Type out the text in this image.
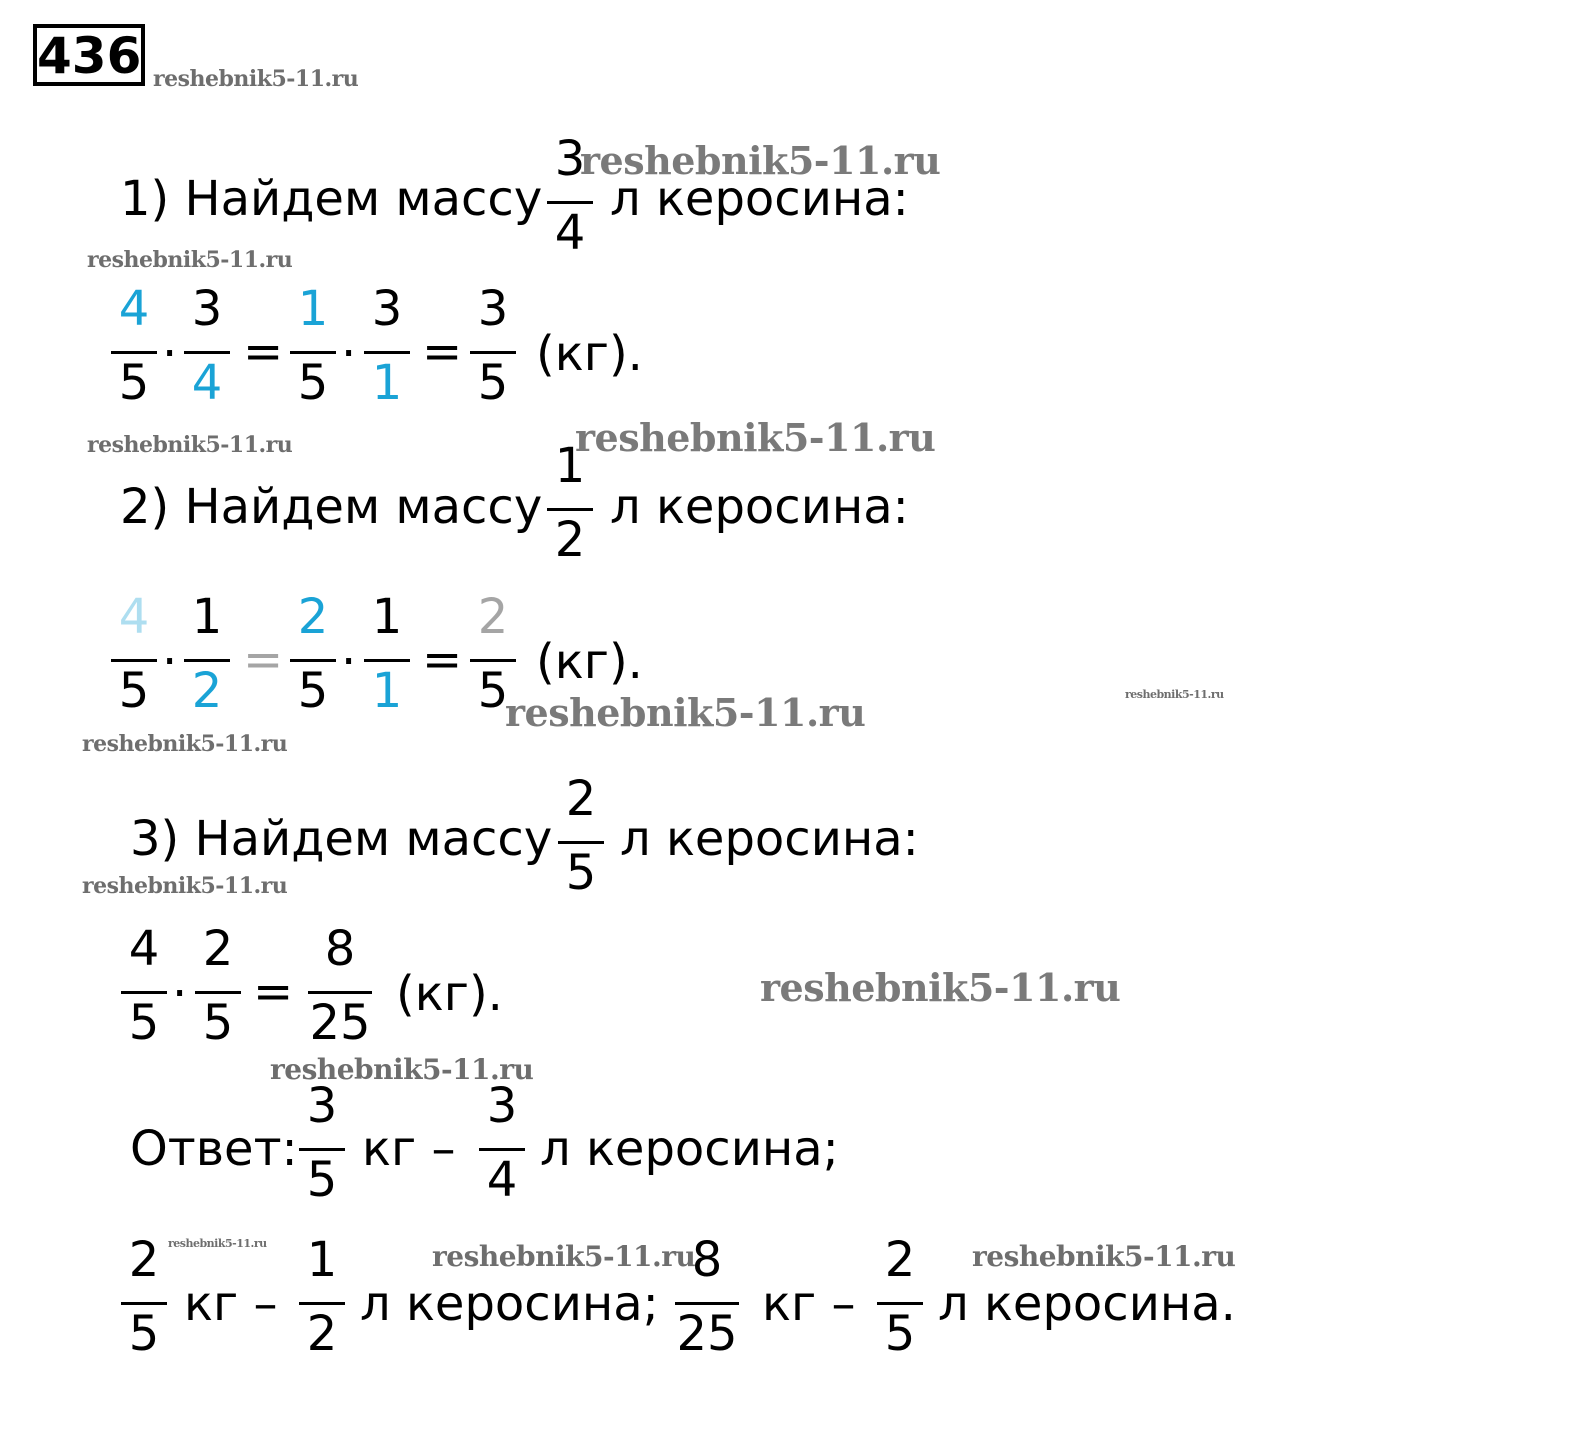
436 reshebnik5-11.ru
1) Найдем массу
3
4
л керосина:
reshebnik5-11.ru
reshebnik5-11.ru
4
5
·
3
4
=
1
5
·
3
1
=
3
5
(кг).
reshebnik5-11.ru	reshebnik5-11.ru
2) Найдем массу
1
2
л керосина:
4
5
·
1
2
=
2
5
·
1
1
=
2
5
(кг).
reshebnik5-11.ru	reshebnik5-11.ru
reshebnik5-11.ru
3) Найдем массу
2
5
л керосина:
reshebnik5-11.ru
4
5
·
2
5
=
8
25
(кг).	reshebnik5-11.ru
reshebnik5-11.ru
Ответ:
3
5
кг –
3
4
л керосина;
reshebnik5-11.ru	reshebnik5-11.ru	reshebnik5-11.ru
2
5
кг –
1
2
л керосина;
8
25
кг –
2
5
л керосина.
